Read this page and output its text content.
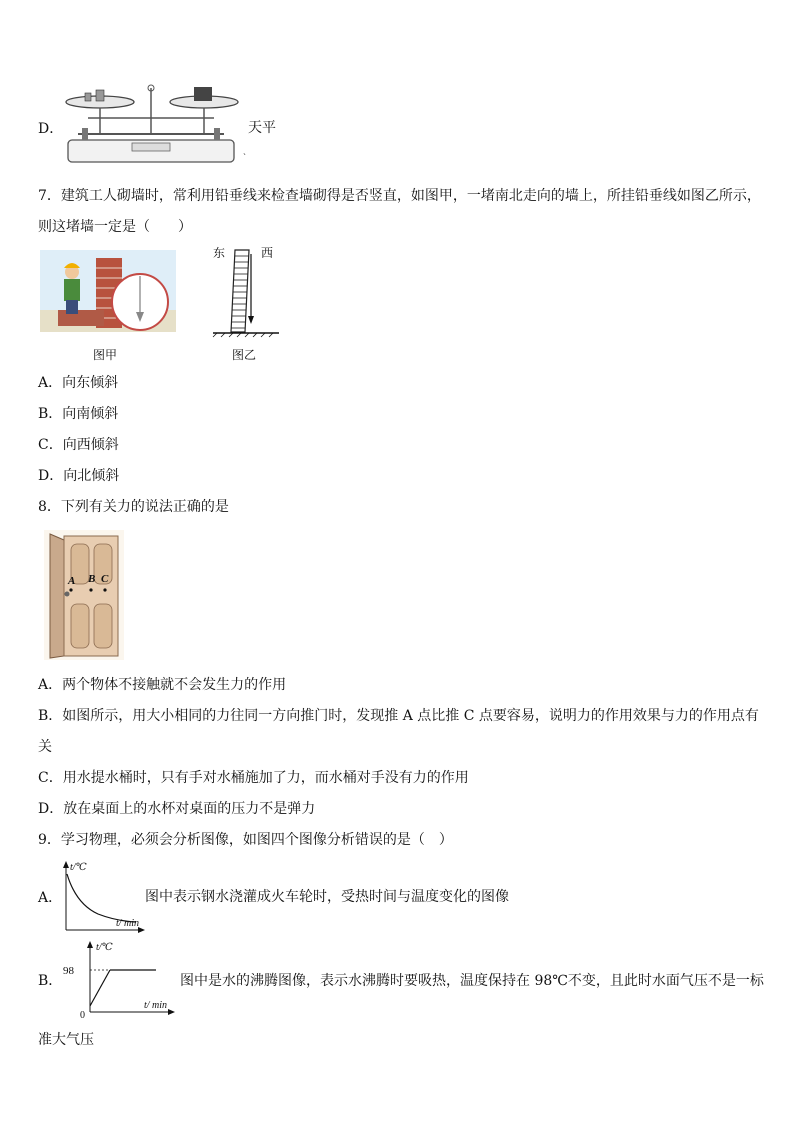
D．	天平
ˏ
7．建筑工人砌墙时，常利用铅垂线来检查墙砌得是否竖直，如图甲，一堵南北走向的墙上，所挂铅垂线如图乙所示，
则这堵墙一定是（　　）
图甲
东	西
图乙
A．向东倾斜
B．向南倾斜
C．向西倾斜
D．向北倾斜
8．下列有关力的说法正确的是
A B C
A．两个物体不接触就不会发生力的作用
B．如图所示，用大小相同的力往同一方向推门时，发现推 A 点比推 C 点要容易，说明力的作用效果与力的作用点有
关
C．用水提水桶时，只有手对水桶施加了力，而水桶对手没有力的作用
D．放在桌面上的水杯对桌面的压力不是弹力
9．学习物理，必须会分析图像，如图四个图像分析错误的是（　）
A．
t/℃
t/ min
图中表示钢水浇灌成火车轮时，受热时间与温度变化的图像
B．
t/℃
98
0
t/ min
图中是水的沸腾图像，表示水沸腾时要吸热，温度保持在 98℃不变，且此时水面气压不是一标
准大气压
